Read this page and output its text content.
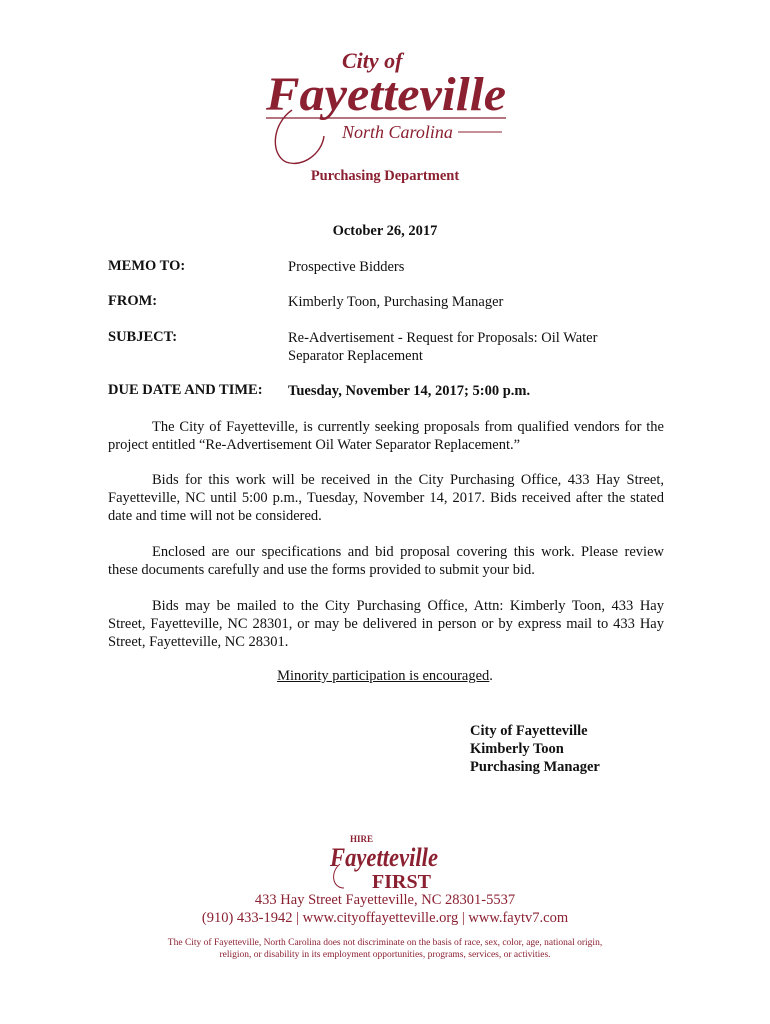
City of
Fayetteville
North Carolina
Purchasing Department
October 26, 2017
MEMO TO:	Prospective Bidders
FROM:	Kimberly Toon, Purchasing Manager
SUBJECT:	Re-Advertisement - Request for Proposals: Oil Water
Separator Replacement
DUE DATE AND TIME: Tuesday, November 14, 2017; 5:00 p.m.
The City of Fayetteville, is currently seeking proposals from qualified vendors for the project entitled “Re-Advertisement Oil Water Separator Replacement.”
Bids for this work will be received in the City Purchasing Office, 433 Hay Street, Fayetteville, NC until 5:00 p.m., Tuesday, November 14, 2017. Bids received after the stated date and time will not be considered.
Enclosed are our specifications and bid proposal covering this work. Please review these documents carefully and use the forms provided to submit your bid.
Bids may be mailed to the City Purchasing Office, Attn: Kimberly Toon, 433 Hay Street, Fayetteville, NC 28301, or may be delivered in person or by express mail to 433 Hay Street, Fayetteville, NC 28301.
Minority participation is encouraged.
City of Fayetteville
Kimberly Toon
Purchasing Manager
HIRE
Fayetteville
FIRST
433 Hay Street Fayetteville, NC 28301-5537
(910) 433-1942 | www.cityoffayetteville.org | www.faytv7.com
The City of Fayetteville, North Carolina does not discriminate on the basis of race, sex, color, age, national origin,
religion, or disability in its employment opportunities, programs, services, or activities.
